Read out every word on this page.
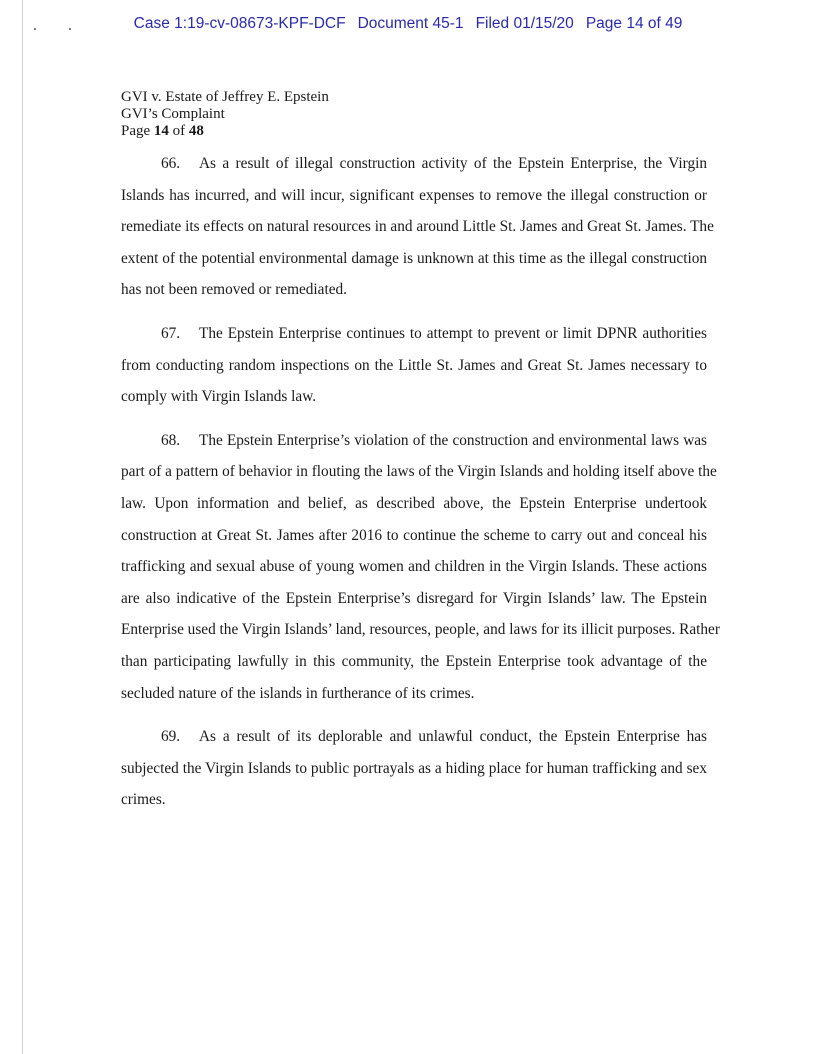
Case 1:19-cv-08673-KPF-DCF Document 45-1 Filed 01/15/20 Page 14 of 49
GVI v. Estate of Jeffrey E. Epstein
GVI’s Complaint
Page 14 of 48
66. As a result of illegal construction activity of the Epstein Enterprise, the Virgin
Islands has incurred, and will incur, significant expenses to remove the illegal construction or
remediate its effects on natural resources in and around Little St. James and Great St. James. The
extent of the potential environmental damage is unknown at this time as the illegal construction
has not been removed or remediated.
67. The Epstein Enterprise continues to attempt to prevent or limit DPNR authorities
from conducting random inspections on the Little St. James and Great St. James necessary to
comply with Virgin Islands law.
68. The Epstein Enterprise’s violation of the construction and environmental laws was
part of a pattern of behavior in flouting the laws of the Virgin Islands and holding itself above the
law. Upon information and belief, as described above, the Epstein Enterprise undertook
construction at Great St. James after 2016 to continue the scheme to carry out and conceal his
trafficking and sexual abuse of young women and children in the Virgin Islands. These actions
are also indicative of the Epstein Enterprise’s disregard for Virgin Islands’ law. The Epstein
Enterprise used the Virgin Islands’ land, resources, people, and laws for its illicit purposes. Rather
than participating lawfully in this community, the Epstein Enterprise took advantage of the
secluded nature of the islands in furtherance of its crimes.
69. As a result of its deplorable and unlawful conduct, the Epstein Enterprise has
subjected the Virgin Islands to public portrayals as a hiding place for human trafficking and sex
crimes.
